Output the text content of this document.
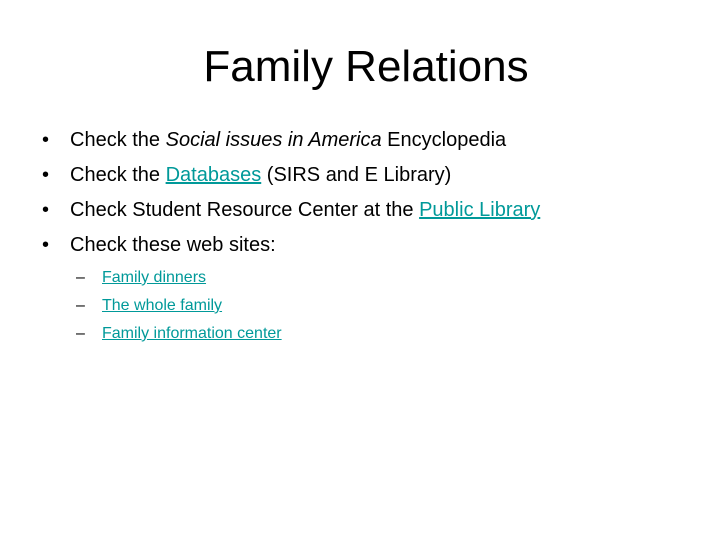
Family Relations
•	Check the Social issues in America Encyclopedia
•	Check the Databases (SIRS and E Library)
•	Check Student Resource Center at the Public Library
•	Check these web sites:
– Family dinners
– The whole family
– Family information center
